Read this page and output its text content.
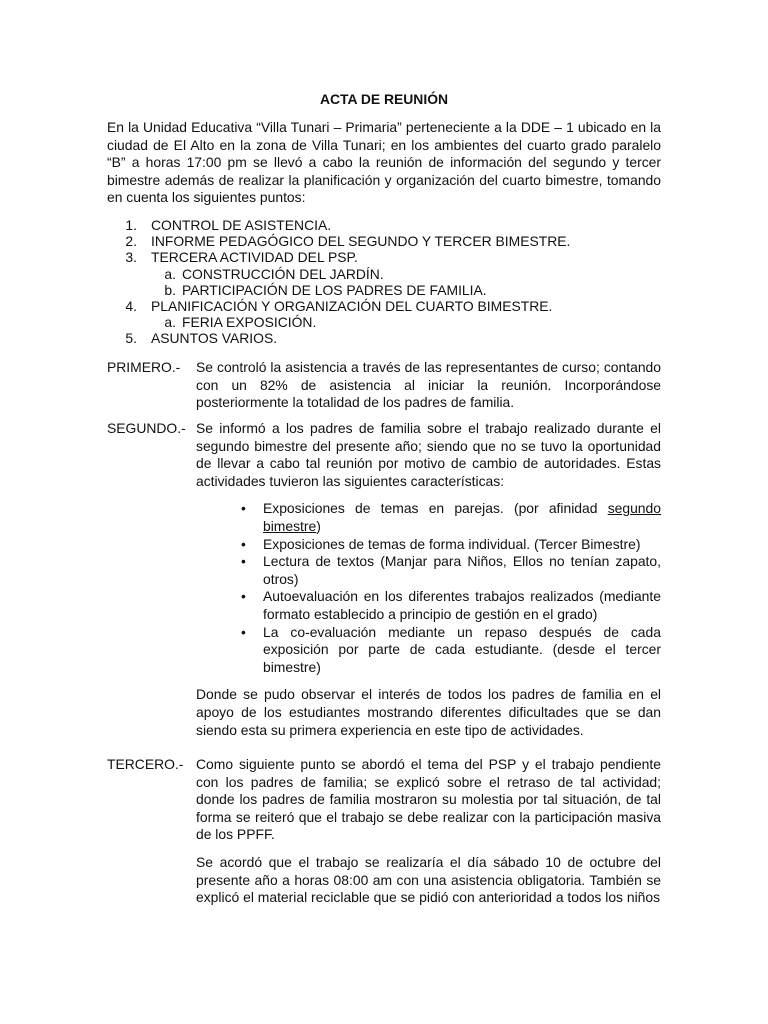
ACTA DE REUNIÓN

En la Unidad Educativa “Villa Tunari – Primaria” perteneciente a la DDE – 1 ubicado en la ciudad de El Alto en la zona de Villa Tunari; en los ambientes del cuarto grado paralelo “B” a horas 17:00 pm se llevó a cabo la reunión de información del segundo y tercer bimestre además de realizar la planificación y organización del cuarto bimestre, tomando en cuenta los siguientes puntos:

1. CONTROL DE ASISTENCIA.
2. INFORME PEDAGÓGICO DEL SEGUNDO Y TERCER BIMESTRE.
3. TERCERA ACTIVIDAD DEL PSP.
a. CONSTRUCCIÓN DEL JARDÍN.
b. PARTICIPACIÓN DE LOS PADRES DE FAMILIA.
4. PLANIFICACIÓN Y ORGANIZACIÓN DEL CUARTO BIMESTRE.
a. FERIA EXPOSICIÓN.
5. ASUNTOS VARIOS.
PRIMERO.- Se controló la asistencia a través de las representantes de curso; contando con un 82% de asistencia al iniciar la reunión. Incorporándose posteriormente la totalidad de los padres de familia.

SEGUNDO.- Se informó a los padres de familia sobre el trabajo realizado durante el segundo bimestre del presente año; siendo que no se tuvo la oportunidad de llevar a cabo tal reunión por motivo de cambio de autoridades. Estas actividades tuvieron las siguientes características:

• Exposiciones de temas en parejas. (por afinidad segundo bimestre)
• Exposiciones de temas de forma individual. (Tercer Bimestre)
• Lectura de textos (Manjar para Niños, Ellos no tenían zapato, otros)
• Autoevaluación en los diferentes trabajos realizados (mediante formato establecido a principio de gestión en el grado)
• La co-evaluación mediante un repaso después de cada exposición por parte de cada estudiante. (desde el tercer bimestre)

Donde se pudo observar el interés de todos los padres de familia en el apoyo de los estudiantes mostrando diferentes dificultades que se dan siendo esta su primera experiencia en este tipo de actividades.

TERCERO.- Como siguiente punto se abordó el tema del PSP y el trabajo pendiente con los padres de familia; se explicó sobre el retraso de tal actividad; donde los padres de familia mostraron su molestia por tal situación, de tal forma se reiteró que el trabajo se debe realizar con la participación masiva de los PPFF.

Se acordó que el trabajo se realizaría el día sábado 10 de octubre del presente año a horas 08:00 am con una asistencia obligatoria. También se explicó el material reciclable que se pidió con anterioridad a todos los niños
